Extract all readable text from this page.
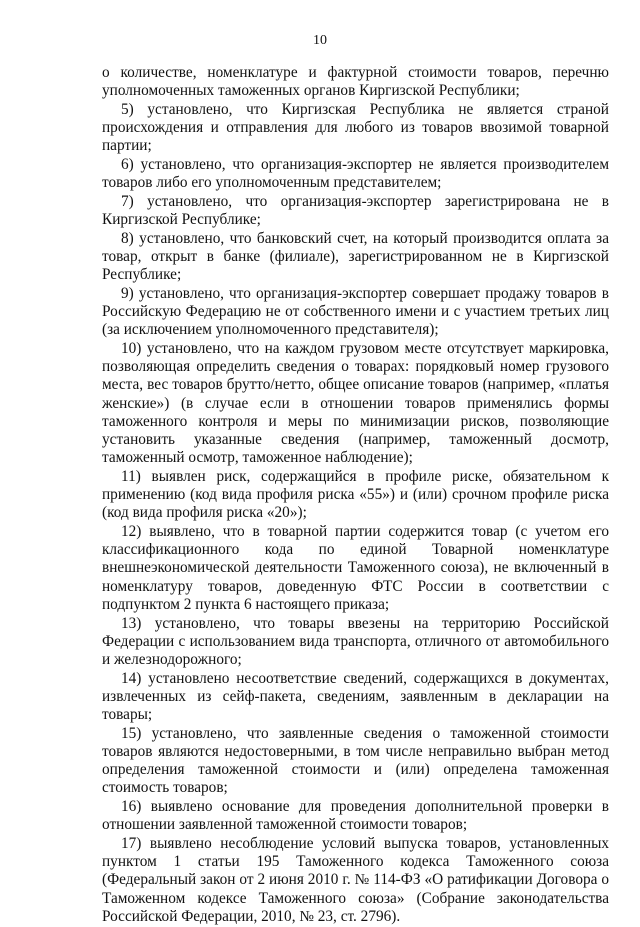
10

о количестве, номенклатуре и фактурной стоимости товаров, перечню уполномоченных таможенных органов Киргизской Республики;

5) установлено, что Киргизская Республика не является страной происхождения и отправления для любого из товаров ввозимой товарной партии;

6) установлено, что организация-экспортер не является производителем товаров либо его уполномоченным представителем;

7) установлено, что организация-экспортер зарегистрирована не в Киргизской Республике;

8) установлено, что банковский счет, на который производится оплата за товар, открыт в банке (филиале), зарегистрированном не в Киргизской Республике;

9) установлено, что организация-экспортер совершает продажу товаров в Российскую Федерацию не от собственного имени и с участием третьих лиц (за исключением уполномоченного представителя);

10) установлено, что на каждом грузовом месте отсутствует маркировка, позволяющая определить сведения о товарах: порядковый номер грузового места, вес товаров брутто/нетто, общее описание товаров (например, «платья женские») (в случае если в отношении товаров применялись формы таможенного контроля и меры по минимизации рисков, позволяющие установить указанные сведения (например, таможенный досмотр, таможенный осмотр, таможенное наблюдение);

11) выявлен риск, содержащийся в профиле риске, обязательном к применению (код вида профиля риска «55») и (или) срочном профиле риска (код вида профиля риска «20»);

12) выявлено, что в товарной партии содержится товар (с учетом его классификационного кода по единой Товарной номенклатуре внешнеэкономической деятельности Таможенного союза), не включенный в номенклатуру товаров, доведенную ФТС России в соответствии с подпунктом 2 пункта 6 настоящего приказа;

13) установлено, что товары ввезены на территорию Российской Федерации с использованием вида транспорта, отличного от автомобильного и железнодорожного;

14) установлено несоответствие сведений, содержащихся в документах, извлеченных из сейф-пакета, сведениям, заявленным в декларации на товары;

15) установлено, что заявленные сведения о таможенной стоимости товаров являются недостоверными, в том числе неправильно выбран метод определения таможенной стоимости и (или) определена таможенная стоимость товаров;

16) выявлено основание для проведения дополнительной проверки в отношении заявленной таможенной стоимости товаров;

17) выявлено несоблюдение условий выпуска товаров, установленных пунктом 1 статьи 195 Таможенного кодекса Таможенного союза (Федеральный закон от 2 июня 2010 г. № 114-ФЗ «О ратификации Договора о Таможенном кодексе Таможенного союза» (Собрание законодательства Российской Федерации, 2010, № 23, ст. 2796).
